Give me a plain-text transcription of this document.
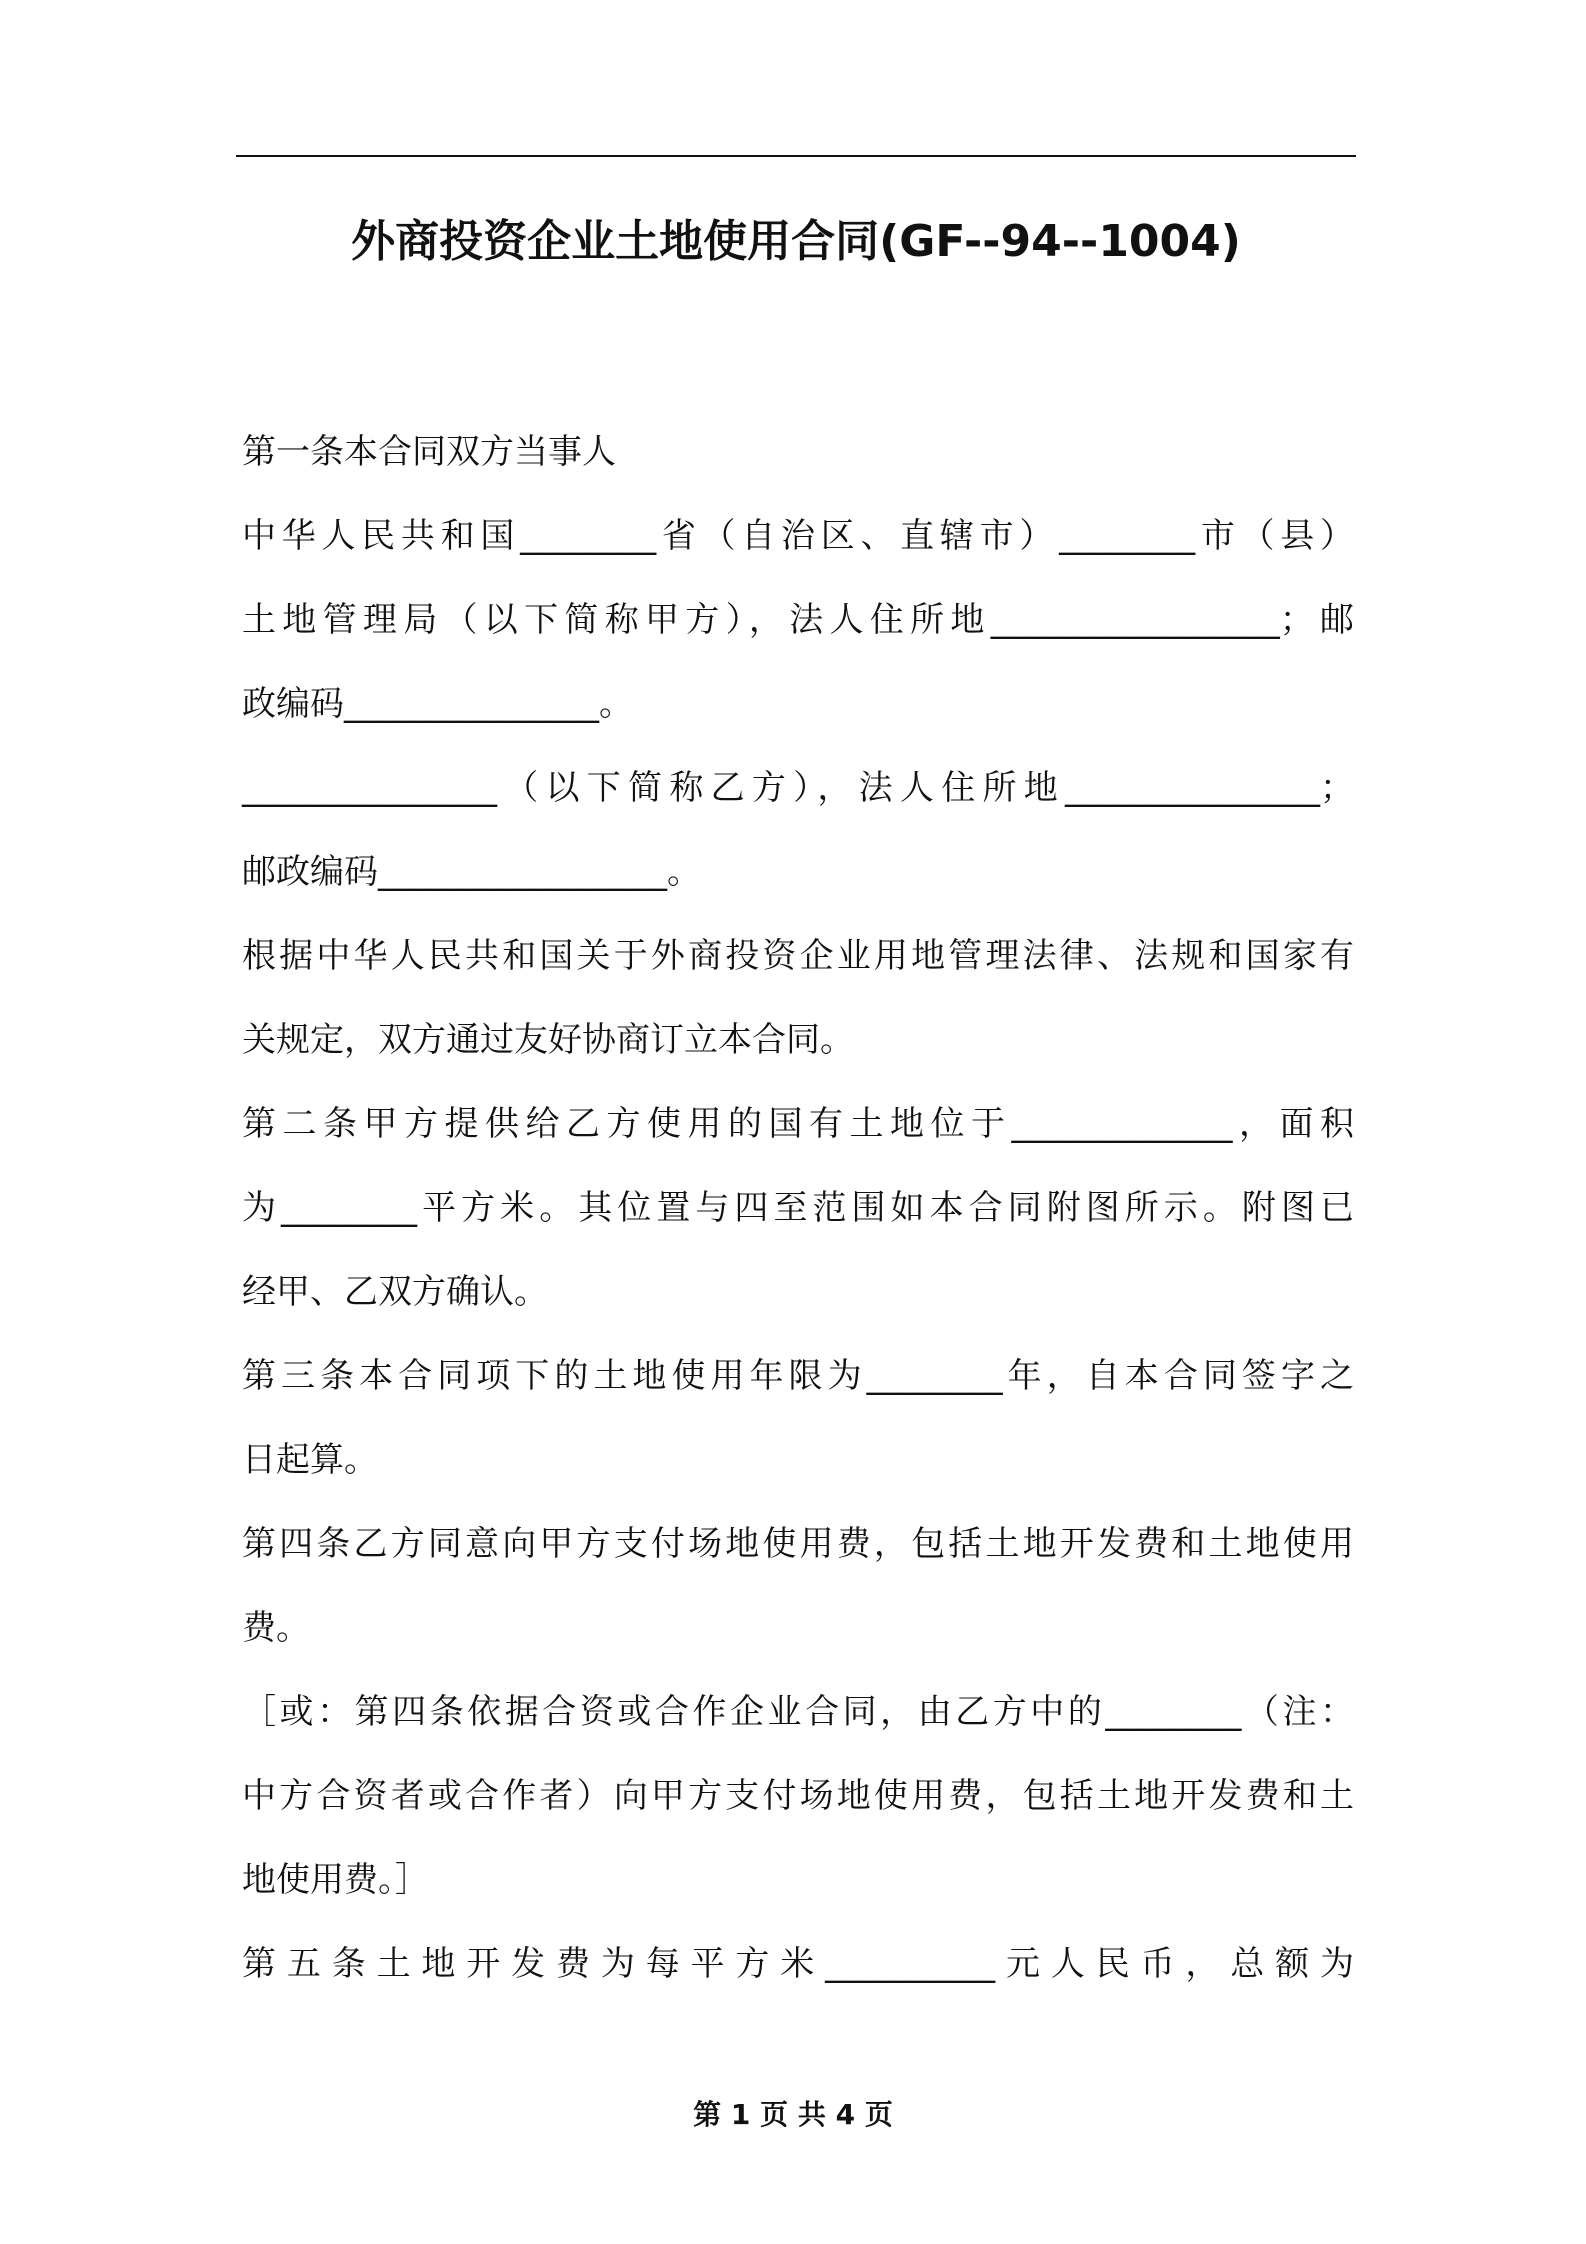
外商投资企业土地使用合同(GF--94--1004)
第一条本合同双方当事人
中华人民共和国________省（自治区、直辖市）________市（县）
土地管理局（以下简称甲方），法人住所地_________________；邮
政编码_______________。
_______________（以下简称乙方），法人住所地_______________；
邮政编码_________________。
根据中华人民共和国关于外商投资企业用地管理法律、法规和国家有
关规定，双方通过友好协商订立本合同。
第二条甲方提供给乙方使用的国有土地位于_____________，面积
为________平方米。其位置与四至范围如本合同附图所示。附图已
经甲、乙双方确认。
第三条本合同项下的土地使用年限为________年，自本合同签字之
日起算。
第四条乙方同意向甲方支付场地使用费，包括土地开发费和土地使用
费。
［或：第四条依据合资或合作企业合同，由乙方中的________（注：
中方合资者或合作者）向甲方支付场地使用费，包括土地开发费和土
地使用费。］
第五条土地开发费为每平方米__________元人民币，总额为
第 1 页 共 4 页
